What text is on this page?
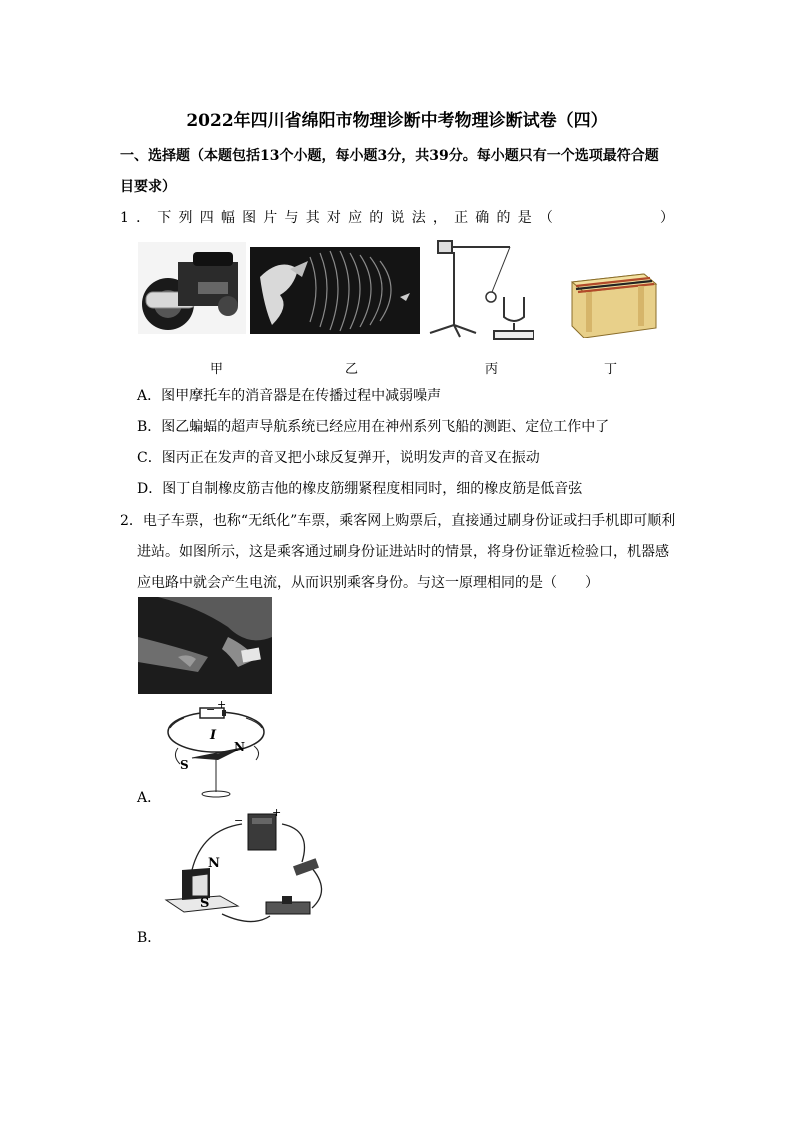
2022年四川省绵阳市物理诊断中考物理诊断试卷（四）
一、选择题（本题包括13个小题，每小题3分，共39分。每小题只有一个选项最符合题
目要求）
1．下列四幅图片与其对应的说法，正确的是（	）
甲	乙	丙	丁
A．图甲摩托车的消音器是在传播过程中减弱噪声
B．图乙蝙蝠的超声导航系统已经应用在神州系列飞船的测距、定位工作中了
C．图丙正在发声的音叉把小球反复弹开，说明发声的音叉在振动
D．图丁自制橡皮筋吉他的橡皮筋绷紧程度相同时，细的橡皮筋是低音弦
2．电子车票，也称“无纸化”车票，乘客网上购票后，直接通过刷身份证或扫手机即可顺利
进站。如图所示，这是乘客通过刷身份证进站时的情景，将身份证靠近检验口，机器感
应电路中就会产生电流，从而识别乘客身份。与这一原理相同的是（　　）
− +
I
N
S
A．
−
+
N
S
B．
